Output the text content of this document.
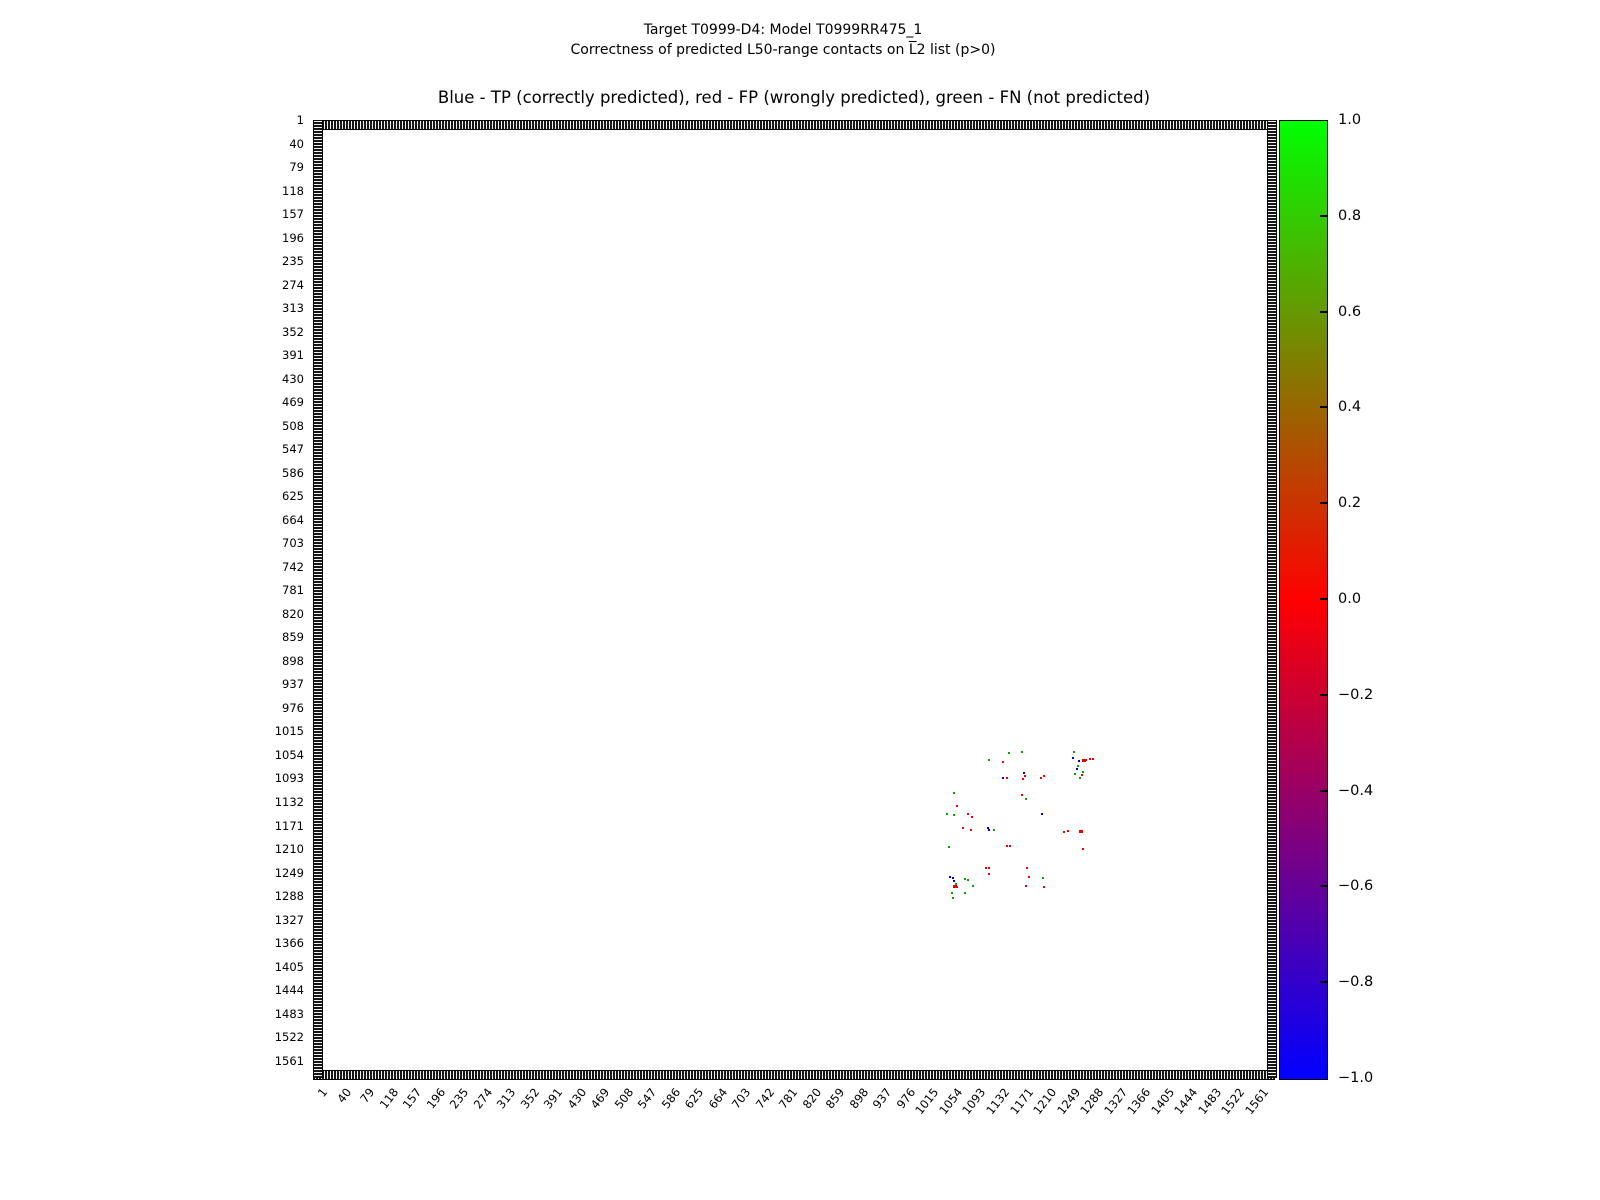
Target T0999-D4: Model T0999RR475_1
Correctness of predicted L50-range contacts on $\overline{L}2$ list (p>0)
Blue - TP (correctly predicted), red - FP (wrongly predicted), green - FN (not predicted)
1
40
79
118
157
196
235
274
313
352
391
430
469
508
547
586
625
664
703
742
781
820
859
898
937
976
1015
1054
1093
1132
1171
1210
1249
1288
1327
1366
1405
1444
1483
1522
1561
1 40 79
118
157
196
235
274
313
352
391
430
469
508
547
586
625
664
703
742
781
820
859
898
937
976
1015
1054
1093
1132
1171
1210
1249
1288
1327
1366
1405
1444
1483
1522
1561
1.0
0.8
0.6
0.4
0.2
0.0
−0.2
−0.4
−0.6
−0.8
−1.0
